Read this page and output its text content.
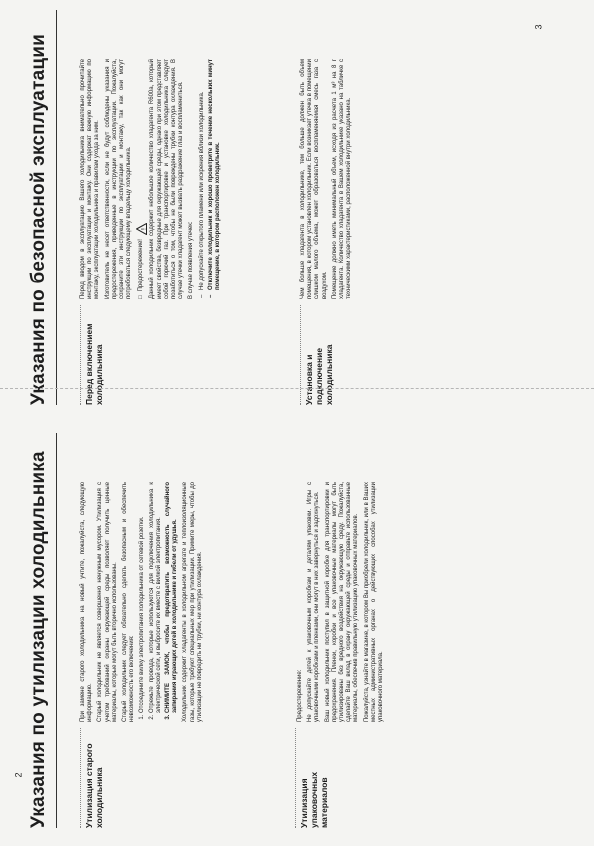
Указания по утилизации холодильника	Утилизация старого холодильника

При замене старого холодильника на новый учтите, пожалуйста, следующую информацию. Старый холодильник не является совершенно ненужным мусором. Утилизация с учетом требований охраны окружающей среды позволяет получить ценные материалы, которые могут быть вторично использованы. Старый холодильник следует обязательно сделать безопасным и обеспечить невозможность его включения: 1. Отсоедините вилку электропитания холодильника от сетевой розетки. 2. Отрежьте провода, которые используются для подключения холодильника к электрической сети, и выбросите их вместе с вилкой электропитания. 3. СНИМИТЕ ЗАМОК, чтобы предотвратить возможность случайного запирания играющих детей в холодильнике и гибели от удушья. Холодильник содержит хладагенты в холодильном агрегате и теплоизоляционные газы, которые требуют специальных мер при утилизации. Примите меры, чтобы до утилизации не повредить ни трубки, ни контура охлаждения.

Утилизация упаковочных материалов

Предостережение: Не допускайте детей к упаковочным коробкам и деталям упаковки. Игры с упаковочными коробками и пленками, они могут в них завернуться и задохнуться. Ваш новый холодильник поступил в защитной коробке для транспортировки и предохранения. Пленки, коробки и все упаковочные материалы могут быть утилизированы без вредного воздействия на окружающую среду. Пожалуйста, сделайте Ваш вклад в охрану окружающей среды и отправьте использованные материалы, обеспечив правильную утилизацию упаковочных материалов. Пожалуйста, узнайте в магазине, в котором Вы приобрели холодильник, или в Ваших местных административных органах о действующих способах утилизации упаковочного материала.

Указания по безопасной эксплуатации	Перед включением холодильника

Перед вводом в эксплуатацию Вашего холодильника внимательно прочитайте инструкции по эксплуатации и монтажу. Они содержат важную информацию по монтажу, эксплуатации холодильника и правилам ухода за ним. Изготовитель не несет ответственности, если не будут соблюдены указания и предостережения, приведенные в инструкции по эксплуатации. Пожалуйста, сохраните эти инструкции по эксплуатации и монтажу, так как они могут потребоваться следующему владельцу холодильника. □
Предостережение!
! Данный холодильник содержит небольшое количество хладагента R600a, который имеет свойства, безвредные для окружающей среды, однако при этом представляет собой горючий газ. При транспортировке и установке холодильника следует позаботиться о том, чтобы не были повреждены трубки контура охлаждения. В случае утечки хладагент может вызвать раздражение глаз и воспламениться. В случае появления утечек: – Не допускайте открытого пламени или искрения вблизи холодильника. – Отключите холодильник и хорошо проветрите в течение нескольких минут помещение, в котором расположен холодильник.
Установка и подключение холодильника

Чем больше хладагента в холодильнике, тем больше должен быть объем помещения, в котором установлен холодильник. Если возникает утечка в помещении слишком малого объема, может образоваться воспламеняемая смесь газа с воздухом. Помещение должно иметь минимальный объем, исходя из расчета 1 м³ на 8 г хладагента. Количество хладагента в Вашем холодильнике указано на табличке с техническими характеристиками, расположенной внутри холодильника.

2
3
